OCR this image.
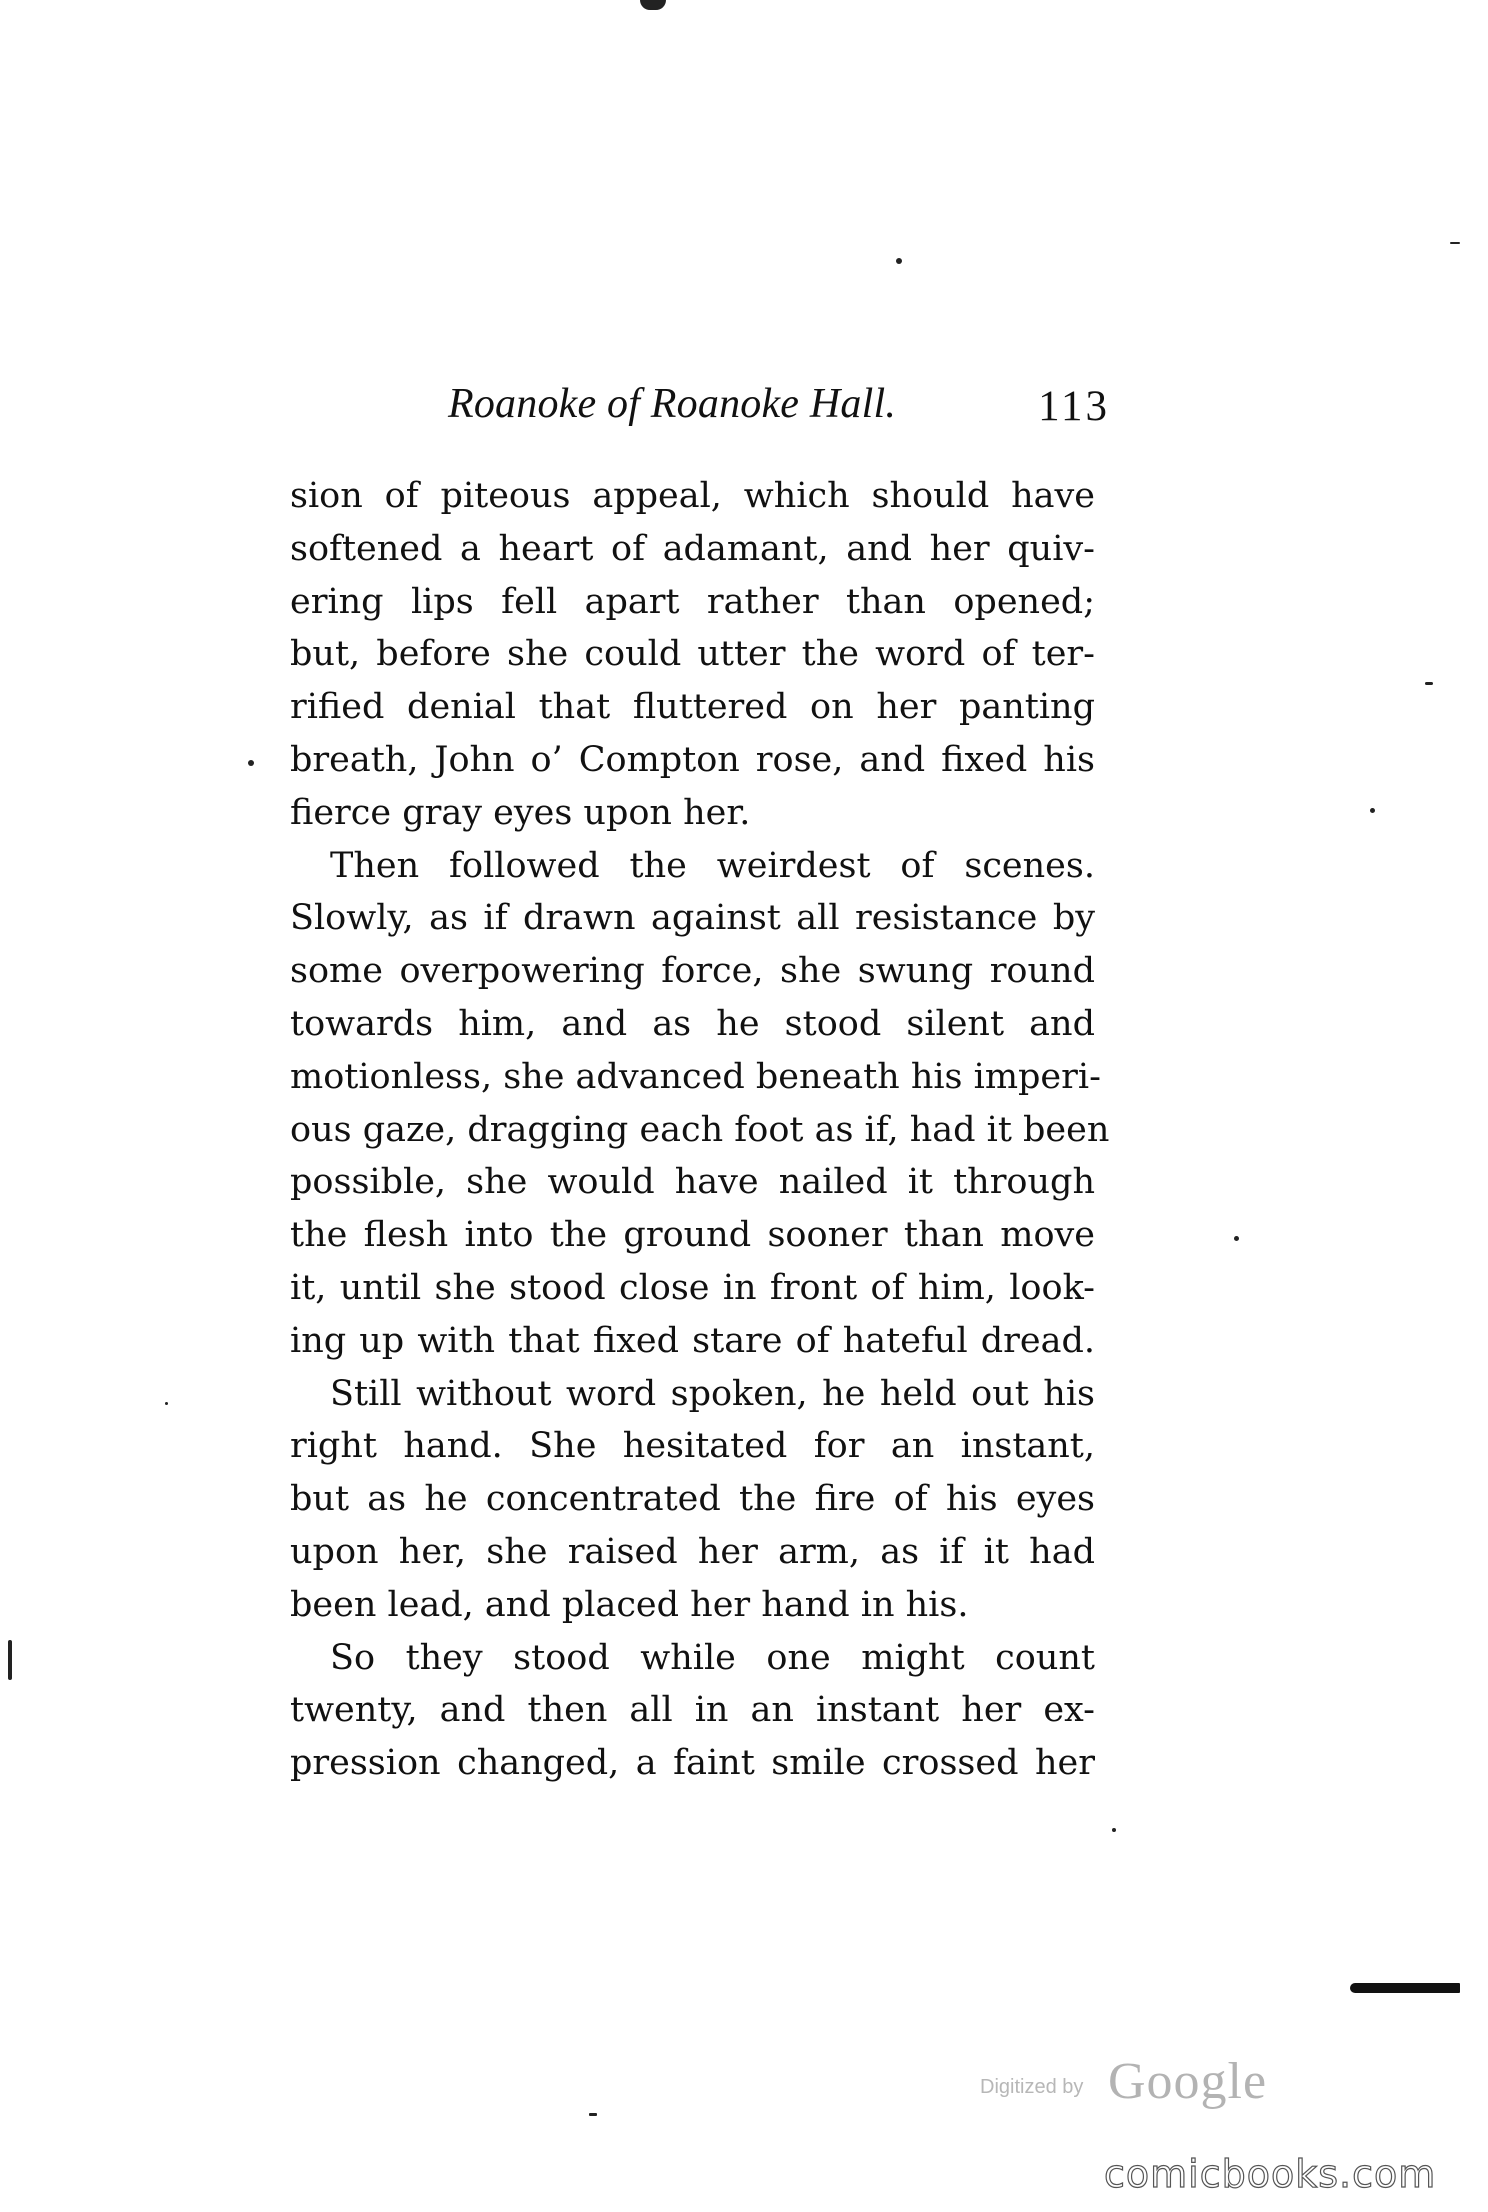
Roanoke of Roanoke Hall.	113

sion of piteous appeal, which should have
softened a heart of adamant, and her quiv-
ering lips fell apart rather than opened;
but, before she could utter the word of ter-
rified denial that fluttered on her panting
breath, John o’ Compton rose, and fixed his
fierce gray eyes upon her.

Then followed the weirdest of scenes.
Slowly, as if drawn against all resistance by
some overpowering force, she swung round
towards him, and as he stood silent and
motionless, she advanced beneath his imperi-
ous gaze, dragging each foot as if, had it been
possible, she would have nailed it through
the flesh into the ground sooner than move
it, until she stood close in front of him, look-
ing up with that fixed stare of hateful dread.

Still without word spoken, he held out his
right hand. She hesitated for an instant,
but as he concentrated the fire of his eyes
upon her, she raised her arm, as if it had
been lead, and placed her hand in his.

So they stood while one might count
twenty, and then all in an instant her ex-
pression changed, a faint smile crossed her

Digitized by Google
comicbooks.com
